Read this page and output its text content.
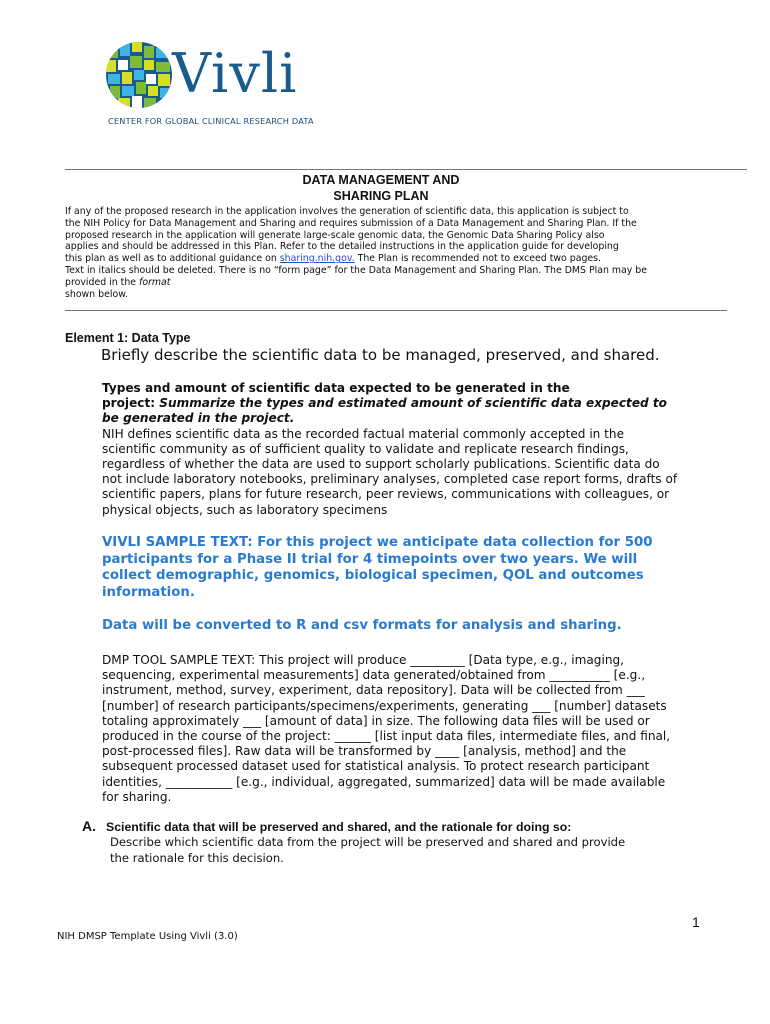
Vivli
CENTER FOR GLOBAL CLINICAL RESEARCH DATA
DATA MANAGEMENT AND
SHARING PLAN
If any of the proposed research in the application involves the generation of scientific data, this application is subject to
the NIH Policy for Data Management and Sharing and requires submission of a Data Management and Sharing Plan. If the
proposed research in the application will generate large-scale genomic data, the Genomic Data Sharing Policy also
applies and should be addressed in this Plan. Refer to the detailed instructions in the application guide for developing
this plan as well as to additional guidance on sharing.nih.gov. The Plan is recommended not to exceed two pages.
Text in italics should be deleted. There is no “form page” for the Data Management and Sharing Plan. The DMS Plan may be
provided in the format
shown below.
Element 1: Data Type
Briefly describe the scientific data to be managed, preserved, and shared.
Types and amount of scientific data expected to be generated in the
project: Summarize the types and estimated amount of scientific data expected to
be generated in the project.
NIH defines scientific data as the recorded factual material commonly accepted in the
scientific community as of sufficient quality to validate and replicate research findings,
regardless of whether the data are used to support scholarly publications. Scientific data do
not include laboratory notebooks, preliminary analyses, completed case report forms, drafts of
scientific papers, plans for future research, peer reviews, communications with colleagues, or
physical objects, such as laboratory specimens
VIVLI SAMPLE TEXT: For this project we anticipate data collection for 500
participants for a Phase II trial for 4 timepoints over two years. We will
collect demographic, genomics, biological specimen, QOL and outcomes
information.
Data will be converted to R and csv formats for analysis and sharing.
DMP TOOL SAMPLE TEXT: This project will produce _________ [Data type, e.g., imaging,
sequencing, experimental measurements] data generated/obtained from __________ [e.g.,
instrument, method, survey, experiment, data repository]. Data will be collected from ___
[number] of research participants/specimens/experiments, generating ___ [number] datasets
totaling approximately ___ [amount of data] in size. The following data files will be used or
produced in the course of the project: ______ [list input data files, intermediate files, and final,
post-processed files]. Raw data will be transformed by ____ [analysis, method] and the
subsequent processed dataset used for statistical analysis. To protect research participant
identities, ___________ [e.g., individual, aggregated, summarized] data will be made available
for sharing.
A. Scientific data that will be preserved and shared, and the rationale for doing so:
Describe which scientific data from the project will be preserved and shared and provide
the rationale for this decision.
1
NIH DMSP Template Using Vivli (3.0)
